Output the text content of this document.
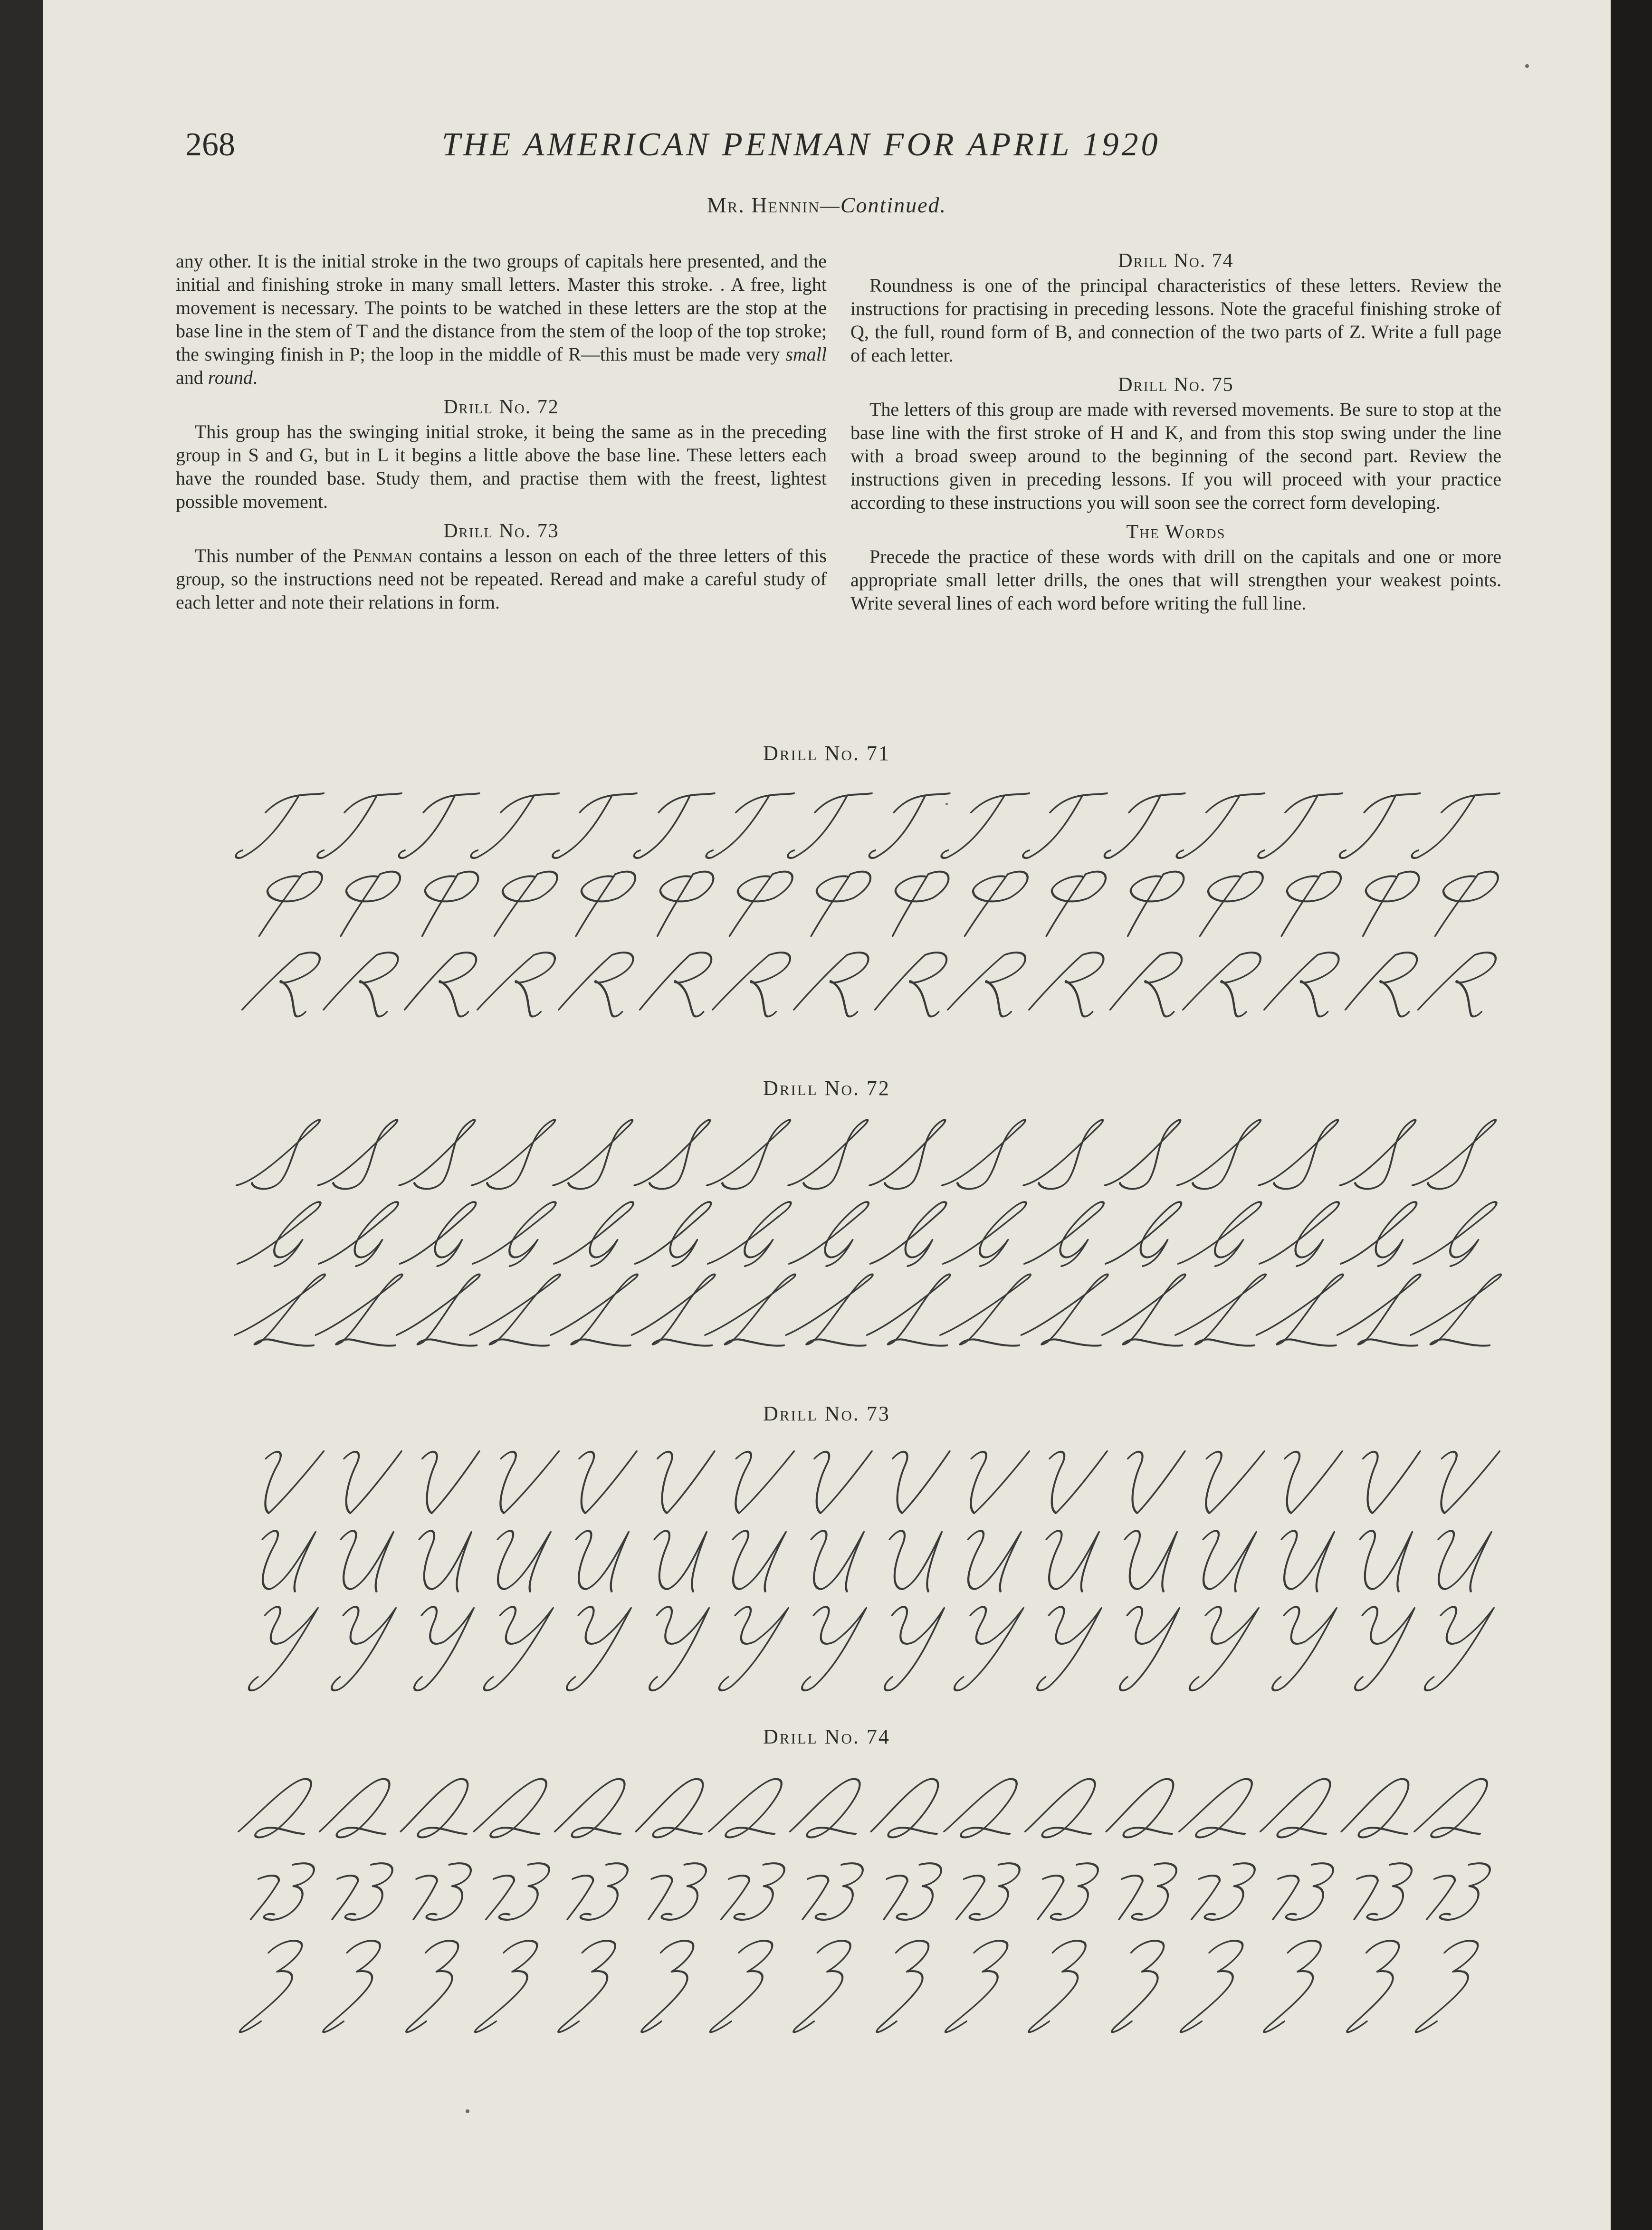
268	THE AMERICAN PENMAN FOR APRIL 1920
Mr. Hennin—Continued.

any other. It is the initial stroke in the two groups of capitals here presented, and the initial and finishing stroke in many small letters. Master this stroke. . A free, light movement is necessary. The points to be watched in these letters are the stop at the base line in the stem of T and the distance from the stem of the loop of the top stroke; the swinging finish in P; the loop in the middle of R—this must be made very small and round.

Drill No. 72

This group has the swinging initial stroke, it being the same as in the preceding group in S and G, but in L it begins a little above the base line. These letters each have the rounded base. Study them, and practise them with the freest, lightest possible movement.

Drill No. 73

This number of the Penman contains a lesson on each of the three letters of this group, so the instructions need not be repeated. Reread and make a careful study of each letter and note their relations in form.

Drill No. 74

Roundness is one of the principal characteristics of these letters. Review the instructions for practising in preceding lessons. Note the graceful finishing stroke of Q, the full, round form of B, and connection of the two parts of Z. Write a full page of each letter.

Drill No. 75

The letters of this group are made with reversed movements. Be sure to stop at the base line with the first stroke of H and K, and from this stop swing under the line with a broad sweep around to the beginning of the second part. Review the instructions given in preceding lessons. If you will proceed with your practice according to these instructions you will soon see the correct form developing.

The Words

Precede the practice of these words with drill on the capitals and one or more appropriate small letter drills, the ones that will strengthen your weakest points. Write several lines of each word before writing the full line.

Drill No. 71
Drill No. 72
Drill No. 73
Drill No. 74
